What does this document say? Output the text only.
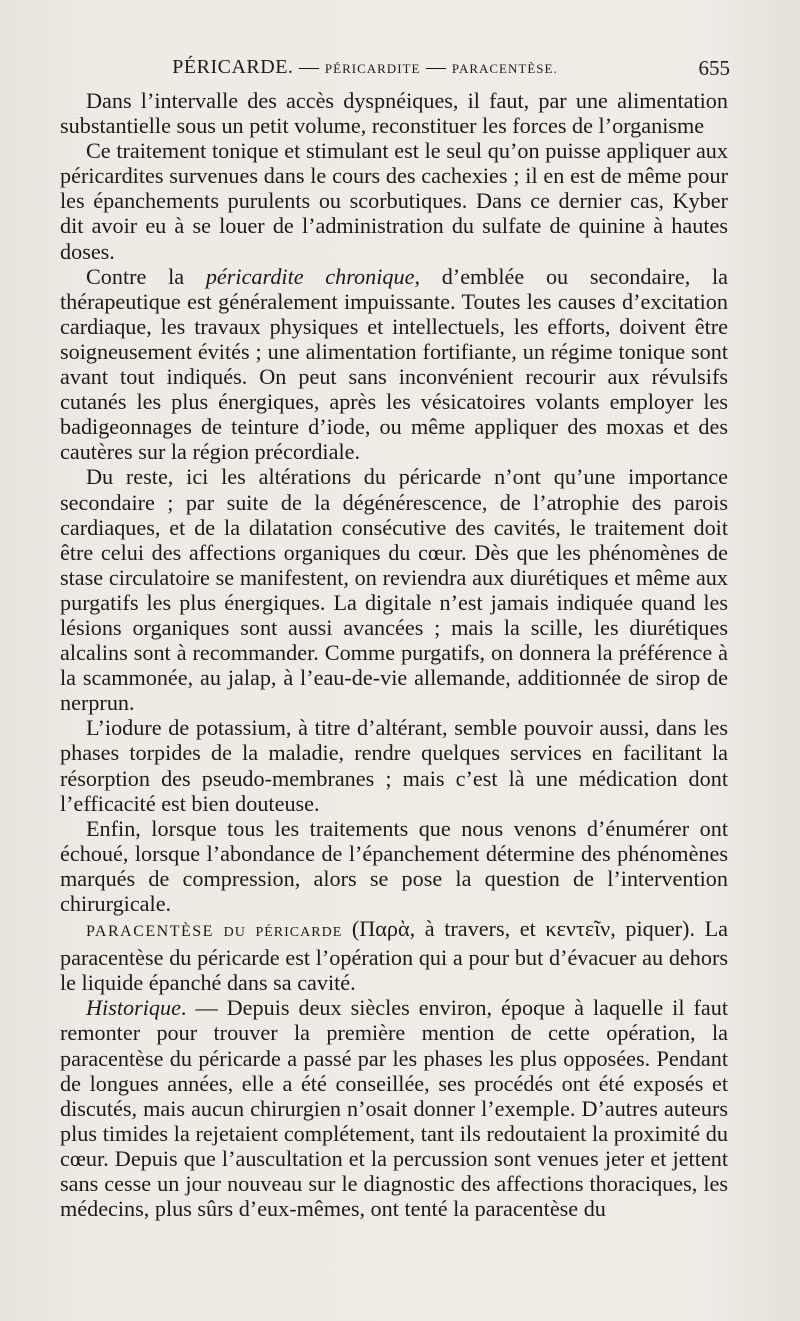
PÉRICARDE. — PÉRICARDITE — PARACENTÈSE.	655

Dans l’intervalle des accès dyspnéiques, il faut, par une alimentation substantielle sous un petit volume, reconstituer les forces de l’organisme

Ce traitement tonique et stimulant est le seul qu’on puisse appliquer aux péricardites survenues dans le cours des cachexies ; il en est de même pour les épanchements purulents ou scorbutiques. Dans ce dernier cas, Kyber dit avoir eu à se louer de l’administration du sulfate de quinine à hautes doses.

Contre la péricardite chronique, d’emblée ou secondaire, la thérapeutique est généralement impuissante. Toutes les causes d’excitation cardiaque, les travaux physiques et intellectuels, les efforts, doivent être soigneusement évités ; une alimentation fortifiante, un régime tonique sont avant tout indiqués. On peut sans inconvénient recourir aux révulsifs cutanés les plus énergiques, après les vésicatoires volants employer les badigeonnages de teinture d’iode, ou même appliquer des moxas et des cautères sur la région précordiale.

Du reste, ici les altérations du péricarde n’ont qu’une importance secondaire ; par suite de la dégénérescence, de l’atrophie des parois cardiaques, et de la dilatation consécutive des cavités, le traitement doit être celui des affections organiques du cœur. Dès que les phénomènes de stase circulatoire se manifestent, on reviendra aux diurétiques et même aux purgatifs les plus énergiques. La digitale n’est jamais indiquée quand les lésions organiques sont aussi avancées ; mais la scille, les diurétiques alcalins sont à recommander. Comme purgatifs, on donnera la préférence à la scammonée, au jalap, à l’eau-de-vie allemande, additionnée de sirop de nerprun.

L’iodure de potassium, à titre d’altérant, semble pouvoir aussi, dans les phases torpides de la maladie, rendre quelques services en facilitant la résorption des pseudo-membranes ; mais c’est là une médication dont l’efficacité est bien douteuse.

Enfin, lorsque tous les traitements que nous venons d’énumérer ont échoué, lorsque l’abondance de l’épanchement détermine des phénomènes marqués de compression, alors se pose la question de l’intervention chirurgicale.

PARACENTÈSE DU PÉRICARDE (Παρὰ, à travers, et κεντεῖν, piquer). La paracentèse du péricarde est l’opération qui a pour but d’évacuer au dehors le liquide épanché dans sa cavité.

Historique. — Depuis deux siècles environ, époque à laquelle il faut remonter pour trouver la première mention de cette opération, la paracentèse du péricarde a passé par les phases les plus opposées. Pendant de longues années, elle a été conseillée, ses procédés ont été exposés et discutés, mais aucun chirurgien n’osait donner l’exemple. D’autres auteurs plus timides la rejetaient complétement, tant ils redoutaient la proximité du cœur. Depuis que l’auscultation et la percussion sont venues jeter et jettent sans cesse un jour nouveau sur le diagnostic des affections thoraciques, les médecins, plus sûrs d’eux-mêmes, ont tenté la paracentèse du
